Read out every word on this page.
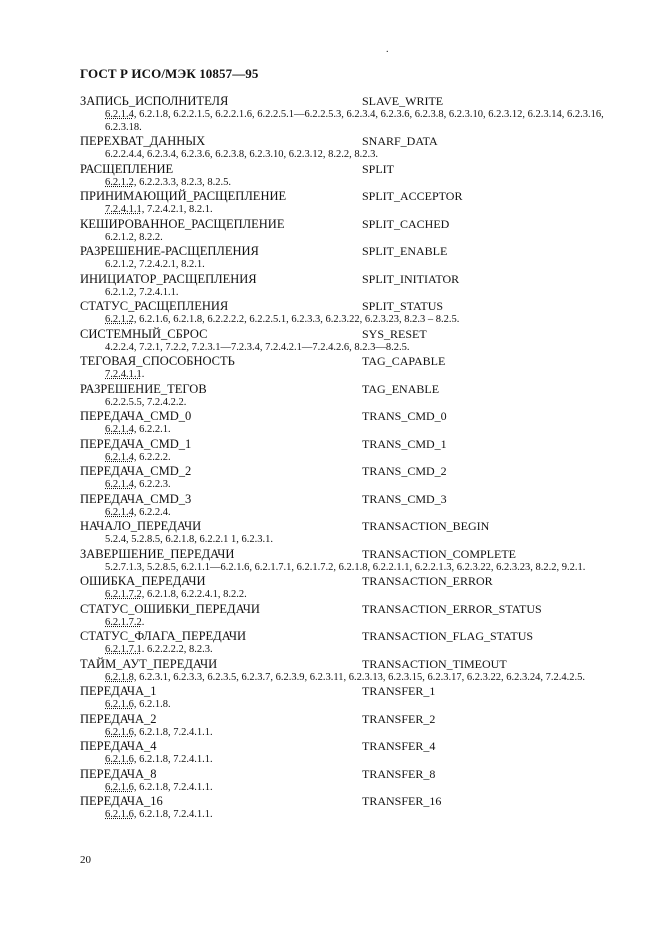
.
ГОСТ Р ИСО/МЭК 10857—95
ЗАПИСЬ_ИСПОЛНИТЕЛЯ	SLAVE_WRITE
6.2.1.4, 6.2.1.8, 6.2.2.1.5, 6.2.2.1.6, 6.2.2.5.1—6.2.2.5.3, 6.2.3.4, 6.2.3.6, 6.2.3.8, 6.2.3.10, 6.2.3.12, 6.2.3.14, 6.2.3.16, 6.2.3.18.
ПЕРЕХВАТ_ДАННЫХ	SNARF_DATA
6.2.2.4.4, 6.2.3.4, 6.2.3.6, 6.2.3.8, 6.2.3.10, 6.2.3.12, 8.2.2, 8.2.3.
РАСЩЕПЛЕНИЕ	SPLIT
6.2.1.2, 6.2.2.3.3, 8.2.3, 8.2.5.
ПРИНИМАЮЩИЙ_РАСЩЕПЛЕНИЕ	SPLIT_ACCEPTOR
7.2.4.1.1, 7.2.4.2.1, 8.2.1.
КЕШИРОВАННОЕ_РАСЩЕПЛЕНИЕ	SPLIT_CACHED
6.2.1.2, 8.2.2.
РАЗРЕШЕНИЕ-РАСЩЕПЛЕНИЯ	SPLIT_ENABLE
6.2.1.2, 7.2.4.2.1, 8.2.1.
ИНИЦИАТОР_РАСЩЕПЛЕНИЯ	SPLIT_INITIATOR
6.2.1.2, 7.2.4.1.1.
СТАТУС_РАСЩЕПЛЕНИЯ	SPLIT_STATUS
6.2.1.2, 6.2.1.6, 6.2.1.8, 6.2.2.2.2, 6.2.2.5.1, 6.2.3.3, 6.2.3.22, 6.2.3.23, 8.2.3 – 8.2.5.
СИСТЕМНЫЙ_СБРОС	SYS_RESET
4.2.2.4, 7.2.1, 7.2.2, 7.2.3.1—7.2.3.4, 7.2.4.2.1—7.2.4.2.6, 8.2.3—8.2.5.
ТЕГОВАЯ_СПОСОБНОСТЬ	TAG_CAPABLE
7.2.4.1.1.
РАЗРЕШЕНИЕ_ТЕГОВ	TAG_ENABLE
6.2.2.5.5, 7.2.4.2.2.
ПЕРЕДАЧА_CMD_0	TRANS_CMD_0
6.2.1.4, 6.2.2.1.
ПЕРЕДАЧА_CMD_1	TRANS_CMD_1
6.2.1.4, 6.2.2.2.
ПЕРЕДАЧА_CMD_2	TRANS_CMD_2
6.2.1.4, 6.2.2.3.
ПЕРЕДАЧА_CMD_3	TRANS_CMD_3
6.2.1.4, 6.2.2.4.
НАЧАЛО_ПЕРЕДАЧИ	TRANSACTION_BEGIN
5.2.4, 5.2.8.5, 6.2.1.8, 6.2.2.1 1, 6.2.3.1.
ЗАВЕРШЕНИЕ_ПЕРЕДАЧИ	TRANSACTION_COMPLETE
5.2.7.1.3, 5.2.8.5, 6.2.1.1—6.2.1.6, 6.2.1.7.1, 6.2.1.7.2, 6.2.1.8, 6.2.2.1.1, 6.2.2.1.3, 6.2.3.22, 6.2.3.23, 8.2.2, 9.2.1.
ОШИБКА_ПЕРЕДАЧИ	TRANSACTION_ERROR
6.2.1.7.2, 6.2.1.8, 6.2.2.4.1, 8.2.2.
СТАТУС_ОШИБКИ_ПЕРЕДАЧИ	TRANSACTION_ERROR_STATUS
6.2.1.7.2.
СТАТУС_ФЛАГА_ПЕРЕДАЧИ	TRANSACTION_FLAG_STATUS
6.2.1.7.1. 6.2.2.2.2, 8.2.3.
ТАЙМ_АУТ_ПЕРЕДАЧИ	TRANSACTION_TIMEOUT
6.2.1.8, 6.2.3.1, 6.2.3.3, 6.2.3.5, 6.2.3.7, 6.2.3.9, 6.2.3.11, 6.2.3.13, 6.2.3.15, 6.2.3.17, 6.2.3.22, 6.2.3.24, 7.2.4.2.5.
ПЕРЕДАЧА_1	TRANSFER_1
6.2.1.6, 6.2.1.8.
ПЕРЕДАЧА_2	TRANSFER_2
6.2.1.6, 6.2.1.8, 7.2.4.1.1.
ПЕРЕДАЧА_4	TRANSFER_4
6.2.1.6, 6.2.1.8, 7.2.4.1.1.
ПЕРЕДАЧА_8	TRANSFER_8
6.2.1.6, 6.2.1.8, 7.2.4.1.1.
ПЕРЕДАЧА_16	TRANSFER_16
6.2.1.6, 6.2.1.8, 7.2.4.1.1.
20
